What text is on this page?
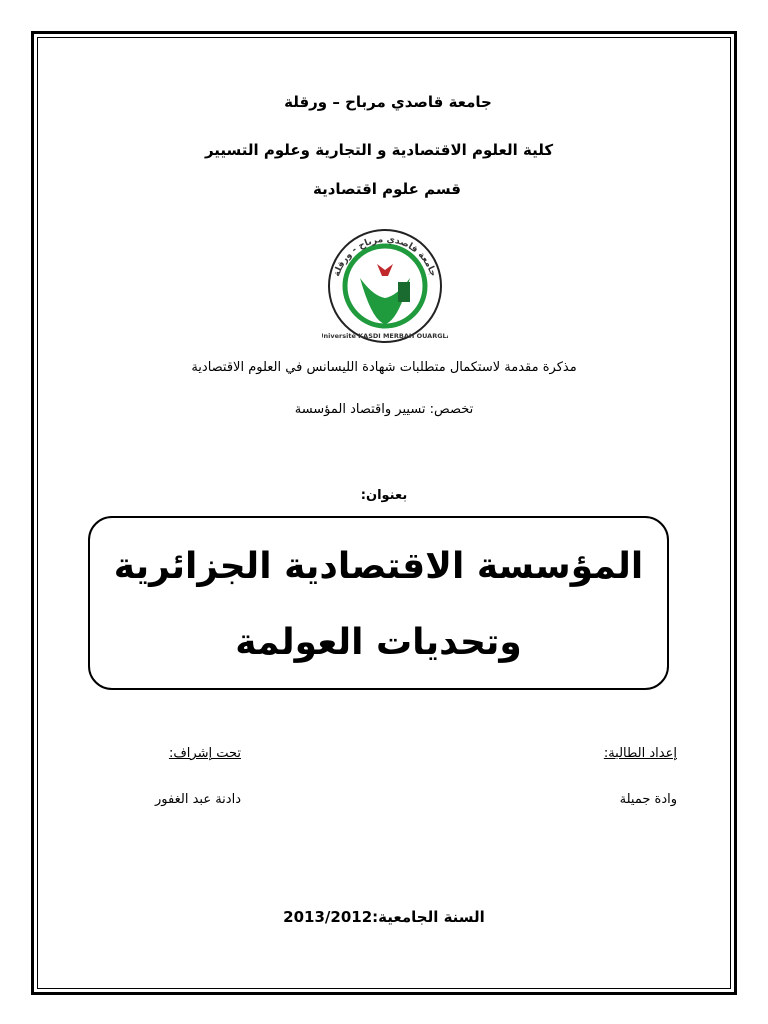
جامعة قاصدي مرباح – ورقلة
كلية العلوم الاقتصادية و التجارية وعلوم التسيير
قسم علوم اقتصادية
جامعة قاصدي مرباح - ورقلة
Université KASDI MERBAH OUARGLA
مذكرة مقدمة لاستكمال متطلبات شهادة الليسانس في العلوم الاقتصادية
تخصص: تسيير واقتصاد المؤسسة
بعنوان:
المؤسسة الاقتصادية الجزائرية
وتحديات العولمة
إعداد الطالبة:
وادة جميلة
تحت إشراف:
دادنة عبد الغفور
السنة الجامعية:2013/2012
